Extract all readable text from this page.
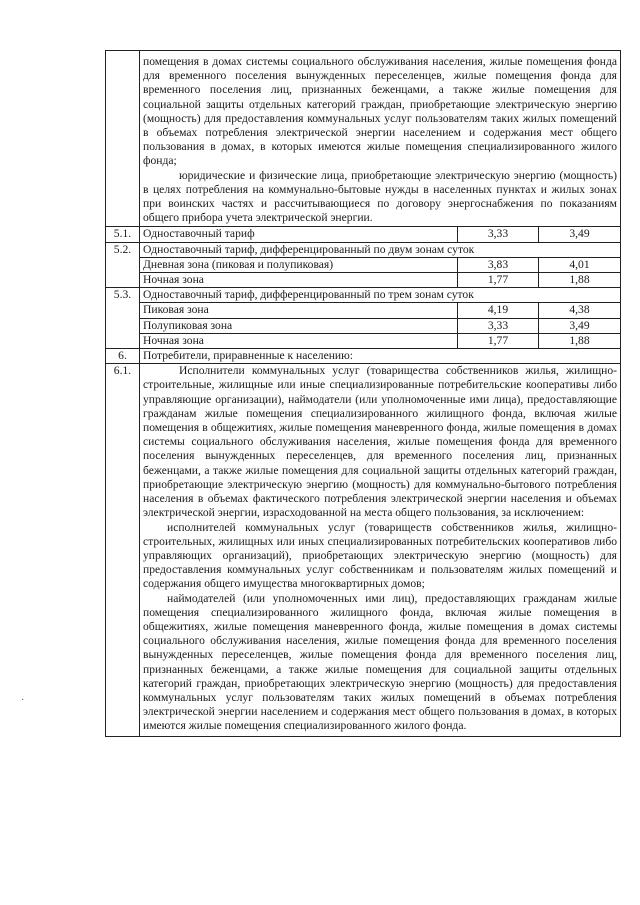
	помещения в домах системы социального обслуживания населения, жилые помещения фонда для временного поселения вынужденных переселенцев, жилые помещения фонда для временного поселения лиц, признанных беженцами, а также жилые помещения для социальной защиты отдельных категорий граждан, приобретающие электрическую энергию (мощность) для предоставления коммунальных услуг пользователям таких жилых помещений в объемах потребления электрической энергии населением и содержания мест общего пользования в домах, в которых имеются жилые помещения специализированного жилого фонда;

юридические и физические лица, приобретающие электрическую энергию (мощность) в целях потребления на коммунально-бытовые нужды в населенных пунктах и жилых зонах при воинских частях и рассчитывающиеся по договору энергоснабжения по показаниям общего прибора учета электрической энергии.		

5.1.	Одноставочный тариф	3,33	3,49
5.2.	Одноставочный тариф, дифференцированный по двум зонам суток		
	Дневная зона (пиковая и полупиковая)	3,83	4,01
	Ночная зона	1,77	1,88
5.3.	Одноставочный тариф, дифференцированный по трем зонам суток		
	Пиковая зона	4,19	4,38
	Полупиковая зона	3,33	3,49
	Ночная зона	1,77	1,88
6.	Потребители, приравненные к населению:		
6.1.	Исполнители коммунальных услуг (товарищества собственников жилья, жилищно-строительные, жилищные или иные специализированные потребительские кооперативы либо управляющие организации), наймодатели (или уполномоченные ими лица), предоставляющие гражданам жилые помещения специализированного жилищного фонда, включая жилые помещения в общежитиях, жилые помещения маневренного фонда, жилые помещения в домах системы социального обслуживания населения, жилые помещения фонда для временного поселения вынужденных переселенцев, для временного поселения лиц, признанных беженцами, а также жилые помещения для социальной защиты отдельных категорий граждан, приобретающие электрическую энергию (мощность) для коммунально-бытового потребления населения в объемах фактического потребления электрической энергии населения и объемах электрической энергии, израсходованной на места общего пользования, за исключением:

исполнителей коммунальных услуг (товариществ собственников жилья, жилищно-строительных, жилищных или иных специализированных потребительских кооперативов либо управляющих организаций), приобретающих электрическую энергию (мощность) для предоставления коммунальных услуг собственникам и пользователям жилых помещений и содержания общего имущества многоквартирных домов;

наймодателей (или уполномоченных ими лиц), предоставляющих гражданам жилые помещения специализированного жилищного фонда, включая жилые помещения в общежитиях, жилые помещения маневренного фонда, жилые помещения в домах системы социального обслуживания населения, жилые помещения фонда для временного поселения вынужденных переселенцев, жилые помещения фонда для временного поселения лиц, признанных беженцами, а также жилые помещения для социальной защиты отдельных категорий граждан, приобретающих электрическую энергию (мощность) для предоставления коммунальных услуг пользователям таких жилых помещений в объемах потребления электрической энергии населением и содержания мест общего пользования в домах, в которых имеются жилые помещения специализированного жилого фонда.		

·
